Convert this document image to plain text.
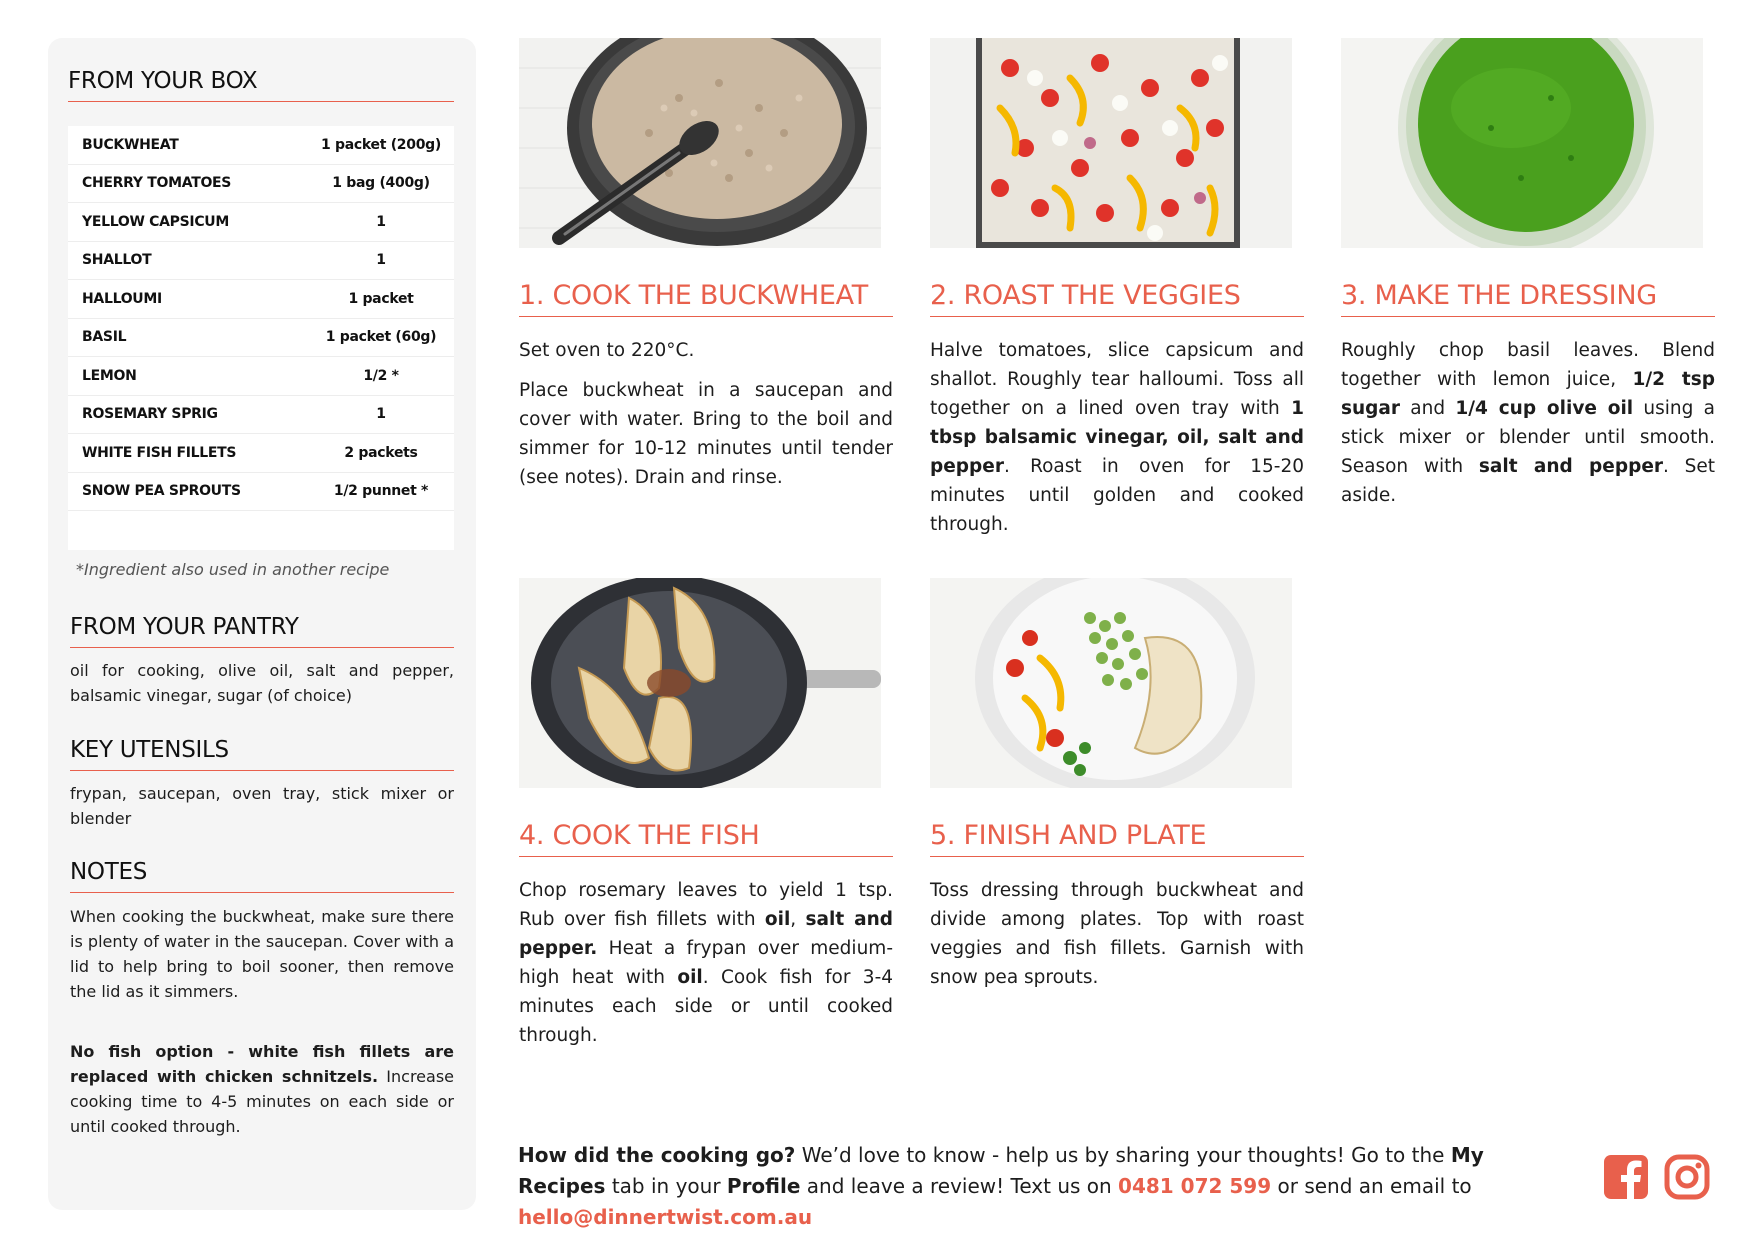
FROM YOUR BOX
BUCKWHEAT	1 packet (200g)
CHERRY TOMATOES	1 bag (400g)
YELLOW CAPSICUM	1
SHALLOT	1
HALLOUMI	1 packet
BASIL	1 packet (60g)
LEMON	1/2 *
ROSEMARY SPRIG	1
WHITE FISH FILLETS	2 packets
SNOW PEA SPROUTS	1/2 punnet *
*Ingredient also used in another recipe
FROM YOUR PANTRY
oil for cooking, olive oil, salt and pepper, balsamic vinegar, sugar (of choice)
KEY UTENSILS
frypan, saucepan, oven tray, stick mixer or blender
NOTES
When cooking the buckwheat, make sure there is plenty of water in the saucepan. Cover with a lid to help bring to boil sooner, then remove the lid as it simmers.
No fish option - white fish fillets are replaced with chicken schnitzels. Increase cooking time to 4-5 minutes on each side or until cooked through.
1. COOK THE BUCKWHEAT

Set oven to 220°C.

Place buckwheat in a saucepan and cover with water. Bring to the boil and simmer for 10-12 minutes until tender (see notes). Drain and rinse.

2. ROAST THE VEGGIES

Halve tomatoes, slice capsicum and shallot. Roughly tear halloumi. Toss all together on a lined oven tray with 1 tbsp balsamic vinegar, oil, salt and pepper. Roast in oven for 15-20 minutes until golden and cooked through.

3. MAKE THE DRESSING

Roughly chop basil leaves. Blend together with lemon juice, 1/2 tsp sugar and 1/4 cup olive oil using a stick mixer or blender until smooth. Season with salt and pepper. Set aside.

4. COOK THE FISH

Chop rosemary leaves to yield 1 tsp. Rub over fish fillets with oil, salt and pepper. Heat a frypan over medium-high heat with oil. Cook fish for 3-4 minutes each side or until cooked through.

5. FINISH AND PLATE

Toss dressing through buckwheat and divide among plates. Top with roast veggies and fish fillets. Garnish with snow pea sprouts.

How did the cooking go? We’d love to know - help us by sharing your thoughts! Go to the My Recipes tab in your Profile and leave a review! Text us on 0481 072 599 or send an email to hello@dinnertwist.com.au
